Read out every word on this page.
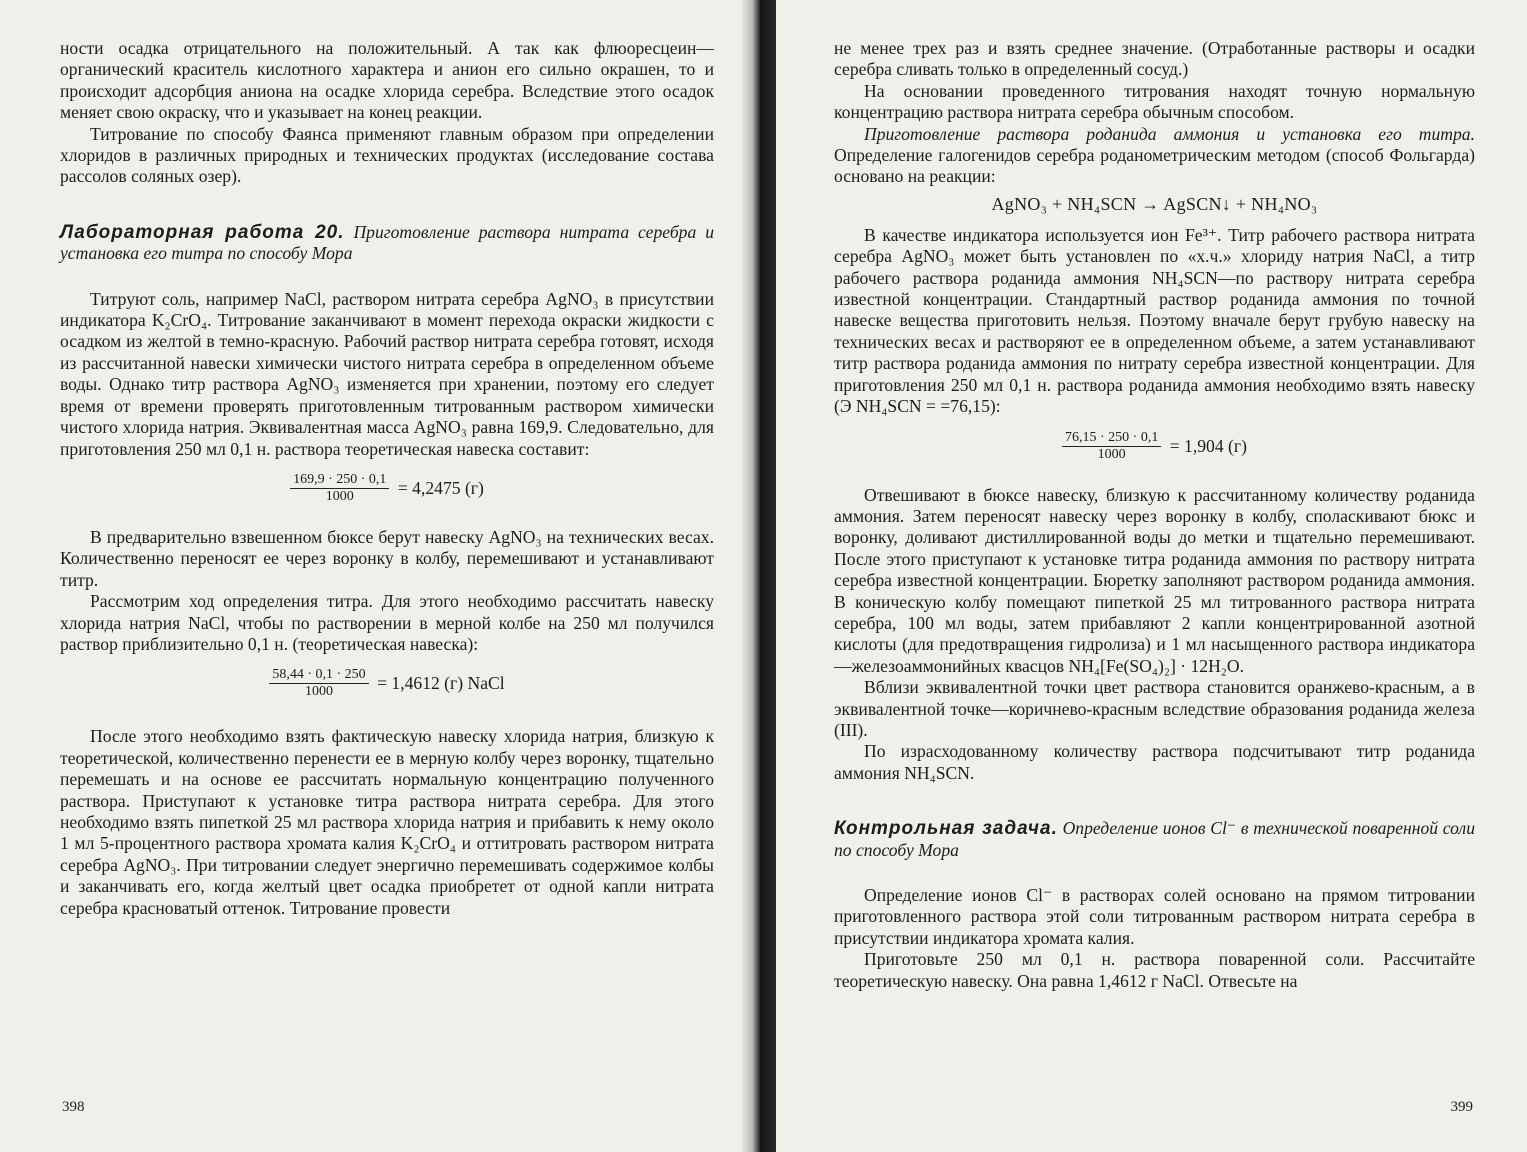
ности осадка отрицательного на положительный. А так как флюоресцеин—органический краситель кислотного характера и анион его сильно окрашен, то и происходит адсорбция аниона на осадке хлорида серебра. Вследствие этого осадок меняет свою окраску, что и указывает на конец реакции.

Титрование по способу Фаянса применяют главным образом при определении хлоридов в различных природных и технических продуктах (исследование состава рассолов соляных озер).

Лабораторная работа 20. Приготовление раствора нитрата серебра и установка его титра по способу Мора

Титруют соль, например NaCl, раствором нитрата серебра AgNO₃ в присутствии индикатора K₂CrO₄. Титрование заканчивают в момент перехода окраски жидкости с осадком из желтой в темно-красную. Рабочий раствор нитрата серебра готовят, исходя из рассчитанной навески химически чистого нитрата серебра в определенном объеме воды. Однако титр раствора AgNO₃ изменяется при хранении, поэтому его следует время от времени проверять приготовленным титрованным раствором химически чистого хлорида натрия. Эквивалентная масса AgNO₃ равна 169,9. Следовательно, для приготовления 250 мл 0,1 н. раствора теоретическая навеска составит:

$\frac{169,9 \cdot 250 \cdot 0,1}{1000} = 4,2475$ (г)

В предварительно взвешенном бюксе берут навеску AgNO₃ на технических весах. Количественно переносят ее через воронку в колбу, перемешивают и устанавливают титр.

Рассмотрим ход определения титра. Для этого необходимо рассчитать навеску хлорида натрия NaCl, чтобы по растворении в мерной колбе на 250 мл получился раствор приблизительно 0,1 н. (теоретическая навеска):

$\frac{58,44 \cdot 0,1 \cdot 250}{1000} = 1,4612$ (г) NaCl

После этого необходимо взять фактическую навеску хлорида натрия, близкую к теоретической, количественно перенести ее в мерную колбу через воронку, тщательно перемешать и на основе ее рассчитать нормальную концентрацию полученного раствора. Приступают к установке титра раствора нитрата серебра. Для этого необходимо взять пипеткой 25 мл раствора хлорида натрия и прибавить к нему около 1 мл 5-процентного раствора хромата калия K₂CrO₄ и оттитровать раствором нитрата серебра AgNO₃. При титровании следует энергично перемешивать содержимое колбы и заканчивать его, когда желтый цвет осадка приобретет от одной капли нитрата серебра красноватый оттенок. Титрование провести

398

не менее трех раз и взять среднее значение. (Отработанные растворы и осадки серебра сливать только в определенный сосуд.)

На основании проведенного титрования находят точную нормальную концентрацию раствора нитрата серебра обычным способом.

Приготовление раствора роданида аммония и установка его титра. Определение галогенидов серебра роданометрическим методом (способ Фольгарда) основано на реакции:

AgNO₃ + NH₄SCN → AgSCN↓ + NH₄NO₃

В качестве индикатора используется ион Fe³⁺. Титр рабочего раствора нитрата серебра AgNO₃ может быть установлен по «х.ч.» хлориду натрия NaCl, а титр рабочего раствора роданида аммония NH₄SCN—по раствору нитрата серебра известной концентрации. Стандартный раствор роданида аммония по точной навеске вещества приготовить нельзя. Поэтому вначале берут грубую навеску на технических весах и растворяют ее в определенном объеме, а затем устанавливают титр раствора роданида аммония по нитрату серебра известной концентрации. Для приготовления 250 мл 0,1 н. раствора роданида аммония необходимо взять навеску (Э NH₄SCN = =76,15):

$\frac{76,15 \cdot 250 \cdot 0,1}{1000} = 1,904$ (г)

Отвешивают в бюксе навеску, близкую к рассчитанному количеству роданида аммония. Затем переносят навеску через воронку в колбу, споласкивают бюкс и воронку, доливают дистиллированной воды до метки и тщательно перемешивают. После этого приступают к установке титра роданида аммония по раствору нитрата серебра известной концентрации. Бюретку заполняют раствором роданида аммония. В коническую колбу помещают пипеткой 25 мл титрованного раствора нитрата серебра, 100 мл воды, затем прибавляют 2 капли концентрированной азотной кислоты (для предотвращения гидролиза) и 1 мл насыщенного раствора индикатора—железоаммонийных квасцов NH₄[Fe(SO₄)₂] · 12H₂O.

Вблизи эквивалентной точки цвет раствора становится оранжево-красным, а в эквивалентной точке—коричнево-красным вследствие образования роданида железа (III).

По израсходованному количеству раствора подсчитывают титр роданида аммония NH₄SCN.

Контрольная задача. Определение ионов Cl⁻ в технической поваренной соли по способу Мора

Определение ионов Cl⁻ в растворах солей основано на прямом титровании приготовленного раствора этой соли титрованным раствором нитрата серебра в присутствии индикатора хромата калия.

Приготовьте 250 мл 0,1 н. раствора поваренной соли. Рассчитайте теоретическую навеску. Она равна 1,4612 г NaCl. Отвесьте на

399
